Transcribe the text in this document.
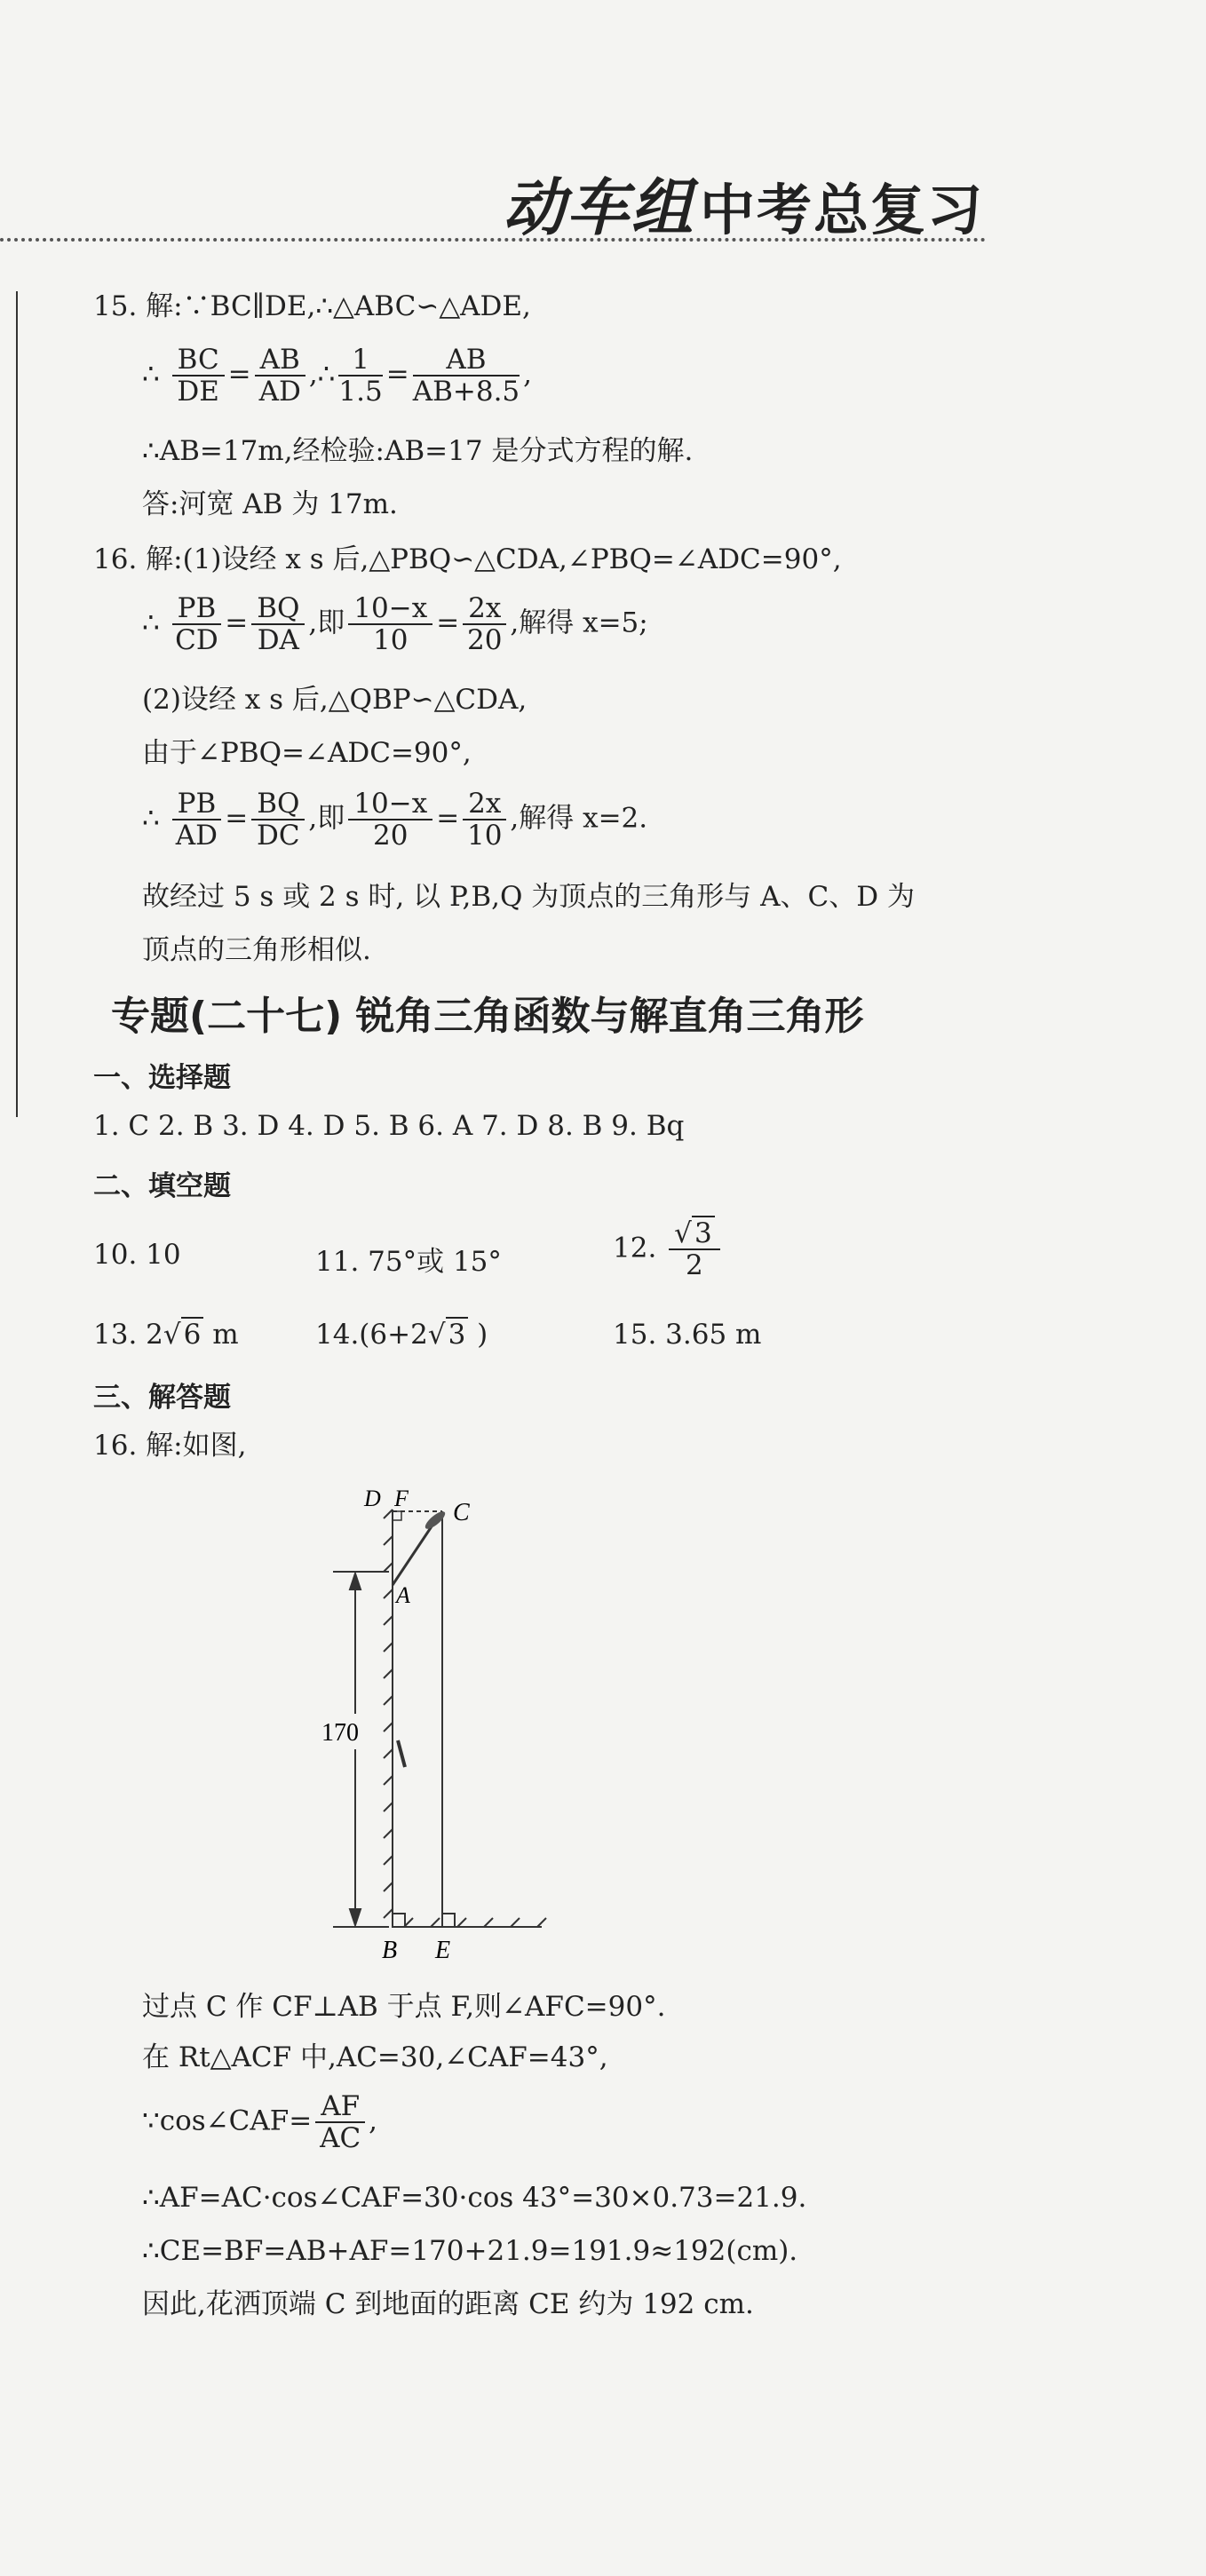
动车组中考总复习
15. 解:∵BC∥DE,∴△ABC∽△ADE,
∴ $\frac{BC}{DE} = \frac{AB}{AD}$ ,∴ $\frac{1}{1.5} = \frac{AB}{AB+8.5}$ ,
∴AB=17m,经检验:AB=17 是分式方程的解.
答:河宽 AB 为 17m.
16. 解:(1)设经 x s 后,△PBQ∽△CDA,∠PBQ=∠ADC=90°,
∴ $\frac{PB}{CD} = \frac{BQ}{DA}$ ,即 $\frac{10-x}{10} = \frac{2x}{20}$ ,解得 x=5;
(2)设经 x s 后,△QBP∽△CDA,
由于∠PBQ=∠ADC=90°,
∴ $\frac{PB}{AD} = \frac{BQ}{DC}$ ,即 $\frac{10-x}{20} = \frac{2x}{10}$ ,解得 x=2.
故经过 5 s 或 2 s 时, 以 P,B,Q 为顶点的三角形与 A、C、D 为
顶点的三角形相似.
专题(二十七) 锐角三角函数与解直角三角形
一、选择题
1. C 2. B 3. D 4. D 5. B 6. A 7. D 8. B 9. Bq
二、填空题
10. 10	11. 75°或 15°	12. $\frac{√3}{2}$
13. 2√6 m	14.(6+2√3 )	15. 3.65 m
三、解答题
16. 解:如图,
170
D F
C
A
B E
过点 C 作 CF⊥AB 于点 F,则∠AFC=90°.
在 Rt△ACF 中,AC=30,∠CAF=43°,
∵cos∠CAF= $\frac{AF}{AC}$ ,
∴AF=AC·cos∠CAF=30·cos 43°=30×0.73=21.9.
∴CE=BF=AB+AF=170+21.9=191.9≈192(cm).
因此,花洒顶端 C 到地面的距离 CE 约为 192 cm.
